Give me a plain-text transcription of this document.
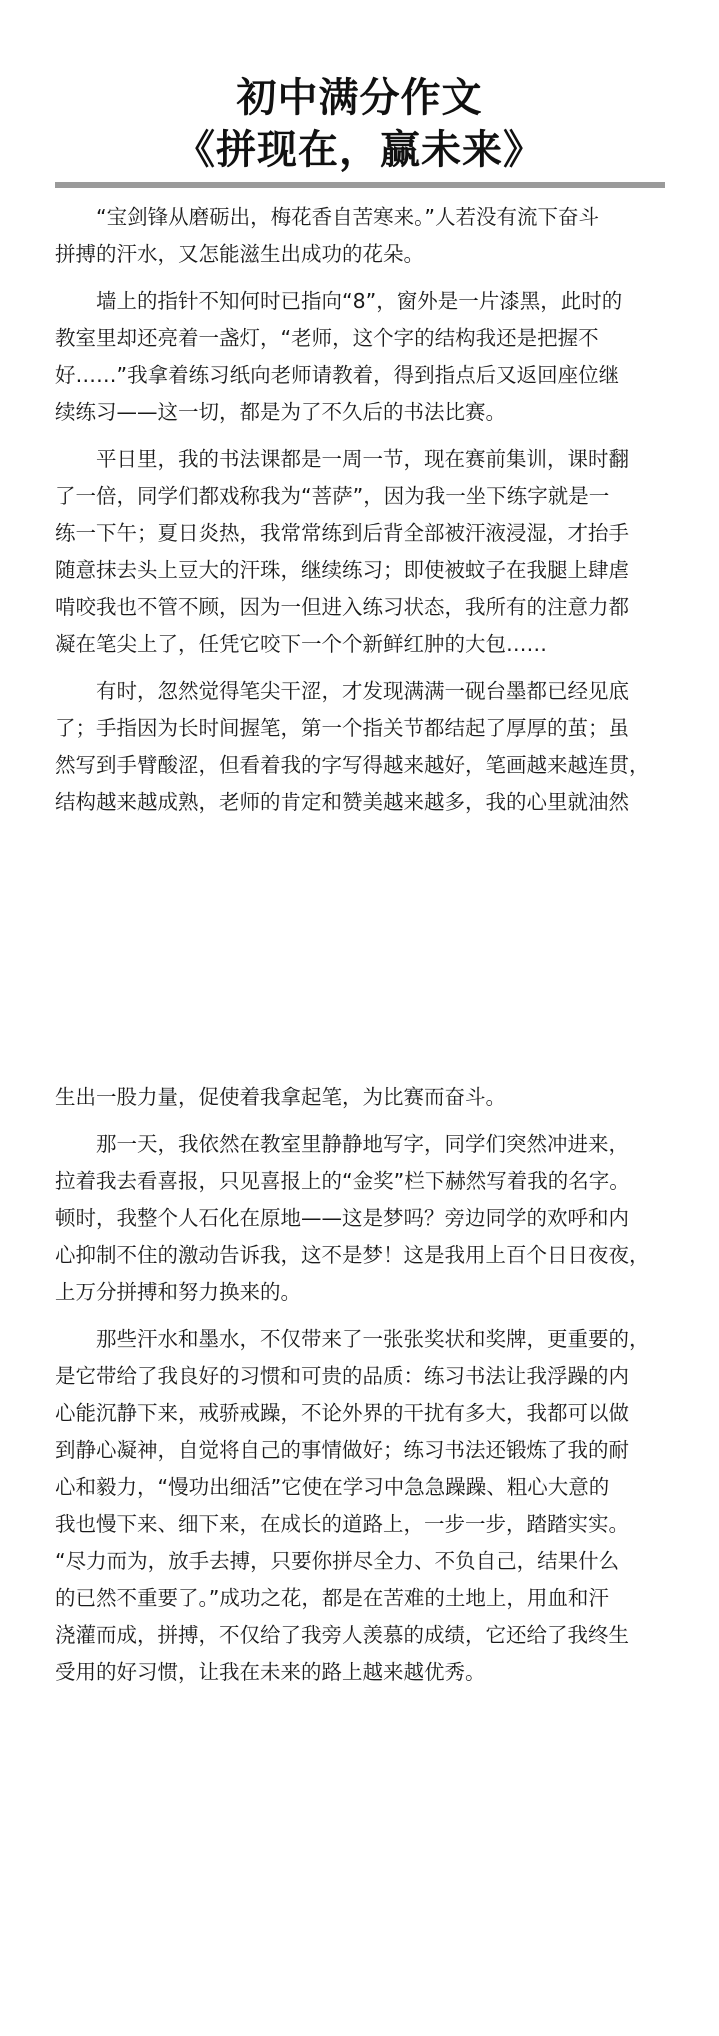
初中满分作文
《拼现在，赢未来》
“宝剑锋从磨砺出，梅花香自苦寒来。”人若没有流下奋斗
拼搏的汗水，又怎能滋生出成功的花朵。
墙上的指针不知何时已指向“8”，窗外是一片漆黑，此时的
教室里却还亮着一盏灯，“老师，这个字的结构我还是把握不
好……”我拿着练习纸向老师请教着，得到指点后又返回座位继
续练习——这一切，都是为了不久后的书法比赛。
平日里，我的书法课都是一周一节，现在赛前集训，课时翻
了一倍，同学们都戏称我为“菩萨”，因为我一坐下练字就是一
练一下午；夏日炎热，我常常练到后背全部被汗液浸湿，才抬手
随意抹去头上豆大的汗珠，继续练习；即使被蚊子在我腿上肆虐
啃咬我也不管不顾，因为一但进入练习状态，我所有的注意力都
凝在笔尖上了，任凭它咬下一个个新鲜红肿的大包……
有时，忽然觉得笔尖干涩，才发现满满一砚台墨都已经见底
了；手指因为长时间握笔，第一个指关节都结起了厚厚的茧；虽
然写到手臂酸涩，但看着我的字写得越来越好，笔画越来越连贯，
结构越来越成熟，老师的肯定和赞美越来越多，我的心里就油然
生出一股力量，促使着我拿起笔，为比赛而奋斗。
那一天，我依然在教室里静静地写字，同学们突然冲进来，
拉着我去看喜报，只见喜报上的“金奖”栏下赫然写着我的名字。
顿时，我整个人石化在原地——这是梦吗？旁边同学的欢呼和内
心抑制不住的激动告诉我，这不是梦！这是我用上百个日日夜夜，
上万分拼搏和努力换来的。
那些汗水和墨水，不仅带来了一张张奖状和奖牌，更重要的，
是它带给了我良好的习惯和可贵的品质：练习书法让我浮躁的内
心能沉静下来，戒骄戒躁，不论外界的干扰有多大，我都可以做
到静心凝神，自觉将自己的事情做好；练习书法还锻炼了我的耐
心和毅力，“慢功出细活”它使在学习中急急躁躁、粗心大意的
我也慢下来、细下来，在成长的道路上，一步一步，踏踏实实。
“尽力而为，放手去搏，只要你拼尽全力、不负自己，结果什么
的已然不重要了。”成功之花，都是在苦难的土地上，用血和汗
浇灌而成，拼搏，不仅给了我旁人羡慕的成绩，它还给了我终生
受用的好习惯，让我在未来的路上越来越优秀。
